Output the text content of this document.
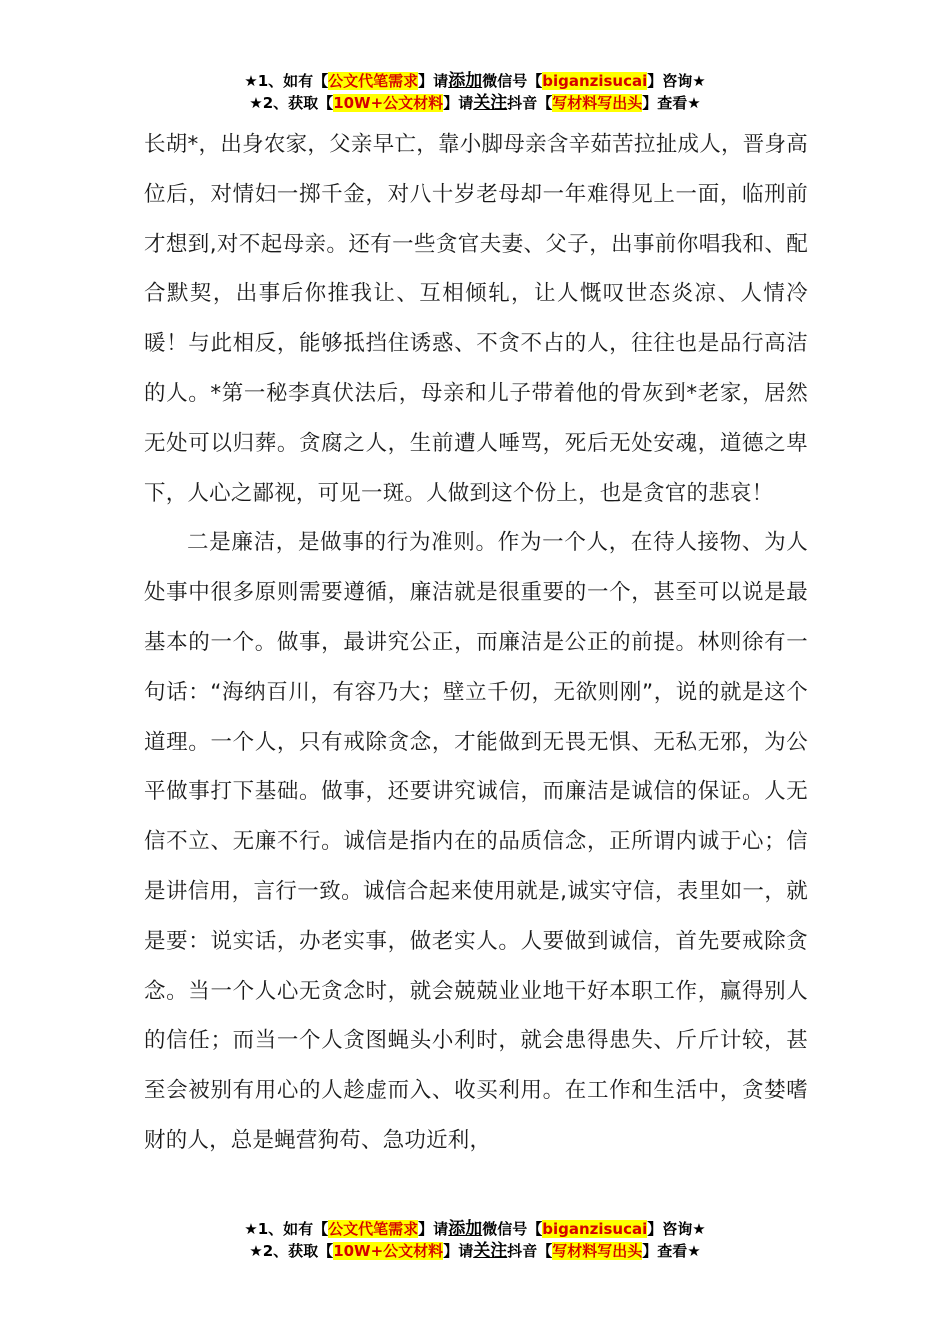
★1、如有【公文代笔需求】请添加微信号【biganzisucai】咨询★
★2、获取【10W+公文材料】请关注抖音【写材料写出头】查看★

长胡*，出身农家，父亲早亡，靠小脚母亲含辛茹苦拉扯成人，晋身高位后，对情妇一掷千金，对八十岁老母却一年难得见上一面，临刑前才想到,对不起母亲。还有一些贪官夫妻、父子，出事前你唱我和、配合默契，出事后你推我让、互相倾轧，让人慨叹世态炎凉、人情冷暖！与此相反，能够抵挡住诱惑、不贪不占的人，往往也是品行高洁的人。*第一秘李真伏法后，母亲和儿子带着他的骨灰到*老家，居然无处可以归葬。贪腐之人，生前遭人唾骂，死后无处安魂，道德之卑下，人心之鄙视，可见一斑。人做到这个份上，也是贪官的悲哀！

二是廉洁，是做事的行为准则。作为一个人，在待人接物、为人处事中很多原则需要遵循，廉洁就是很重要的一个，甚至可以说是最基本的一个。做事，最讲究公正，而廉洁是公正的前提。林则徐有一句话：“海纳百川，有容乃大；壁立千仞，无欲则刚”，说的就是这个道理。一个人，只有戒除贪念，才能做到无畏无惧、无私无邪，为公平做事打下基础。做事，还要讲究诚信，而廉洁是诚信的保证。人无信不立、无廉不行。诚信是指内在的品质信念，正所谓内诚于心；信是讲信用，言行一致。诚信合起来使用就是,诚实守信，表里如一，就是要：说实话，办老实事，做老实人。人要做到诚信，首先要戒除贪念。当一个人心无贪念时，就会兢兢业业地干好本职工作，赢得别人的信任；而当一个人贪图蝇头小利时，就会患得患失、斤斤计较，甚至会被别有用心的人趁虚而入、收买利用。在工作和生活中，贪婪嗜财的人，总是蝇营狗苟、急功近利，

★1、如有【公文代笔需求】请添加微信号【biganzisucai】咨询★
★2、获取【10W+公文材料】请关注抖音【写材料写出头】查看★
